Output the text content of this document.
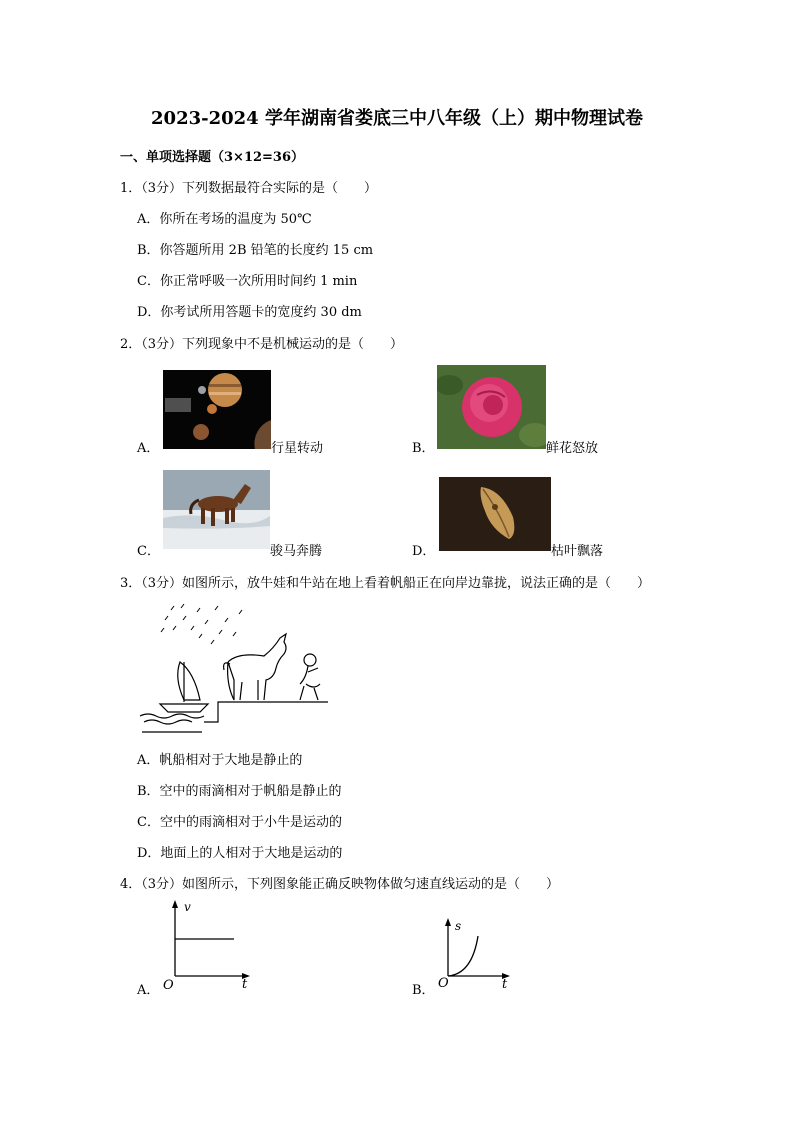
2023-2024 学年湖南省娄底三中八年级（上）期中物理试卷
一、单项选择题（3×12=36）
1．（3分）下列数据最符合实际的是（　　）
A．你所在考场的温度为 50℃
B．你答题所用 2B 铅笔的长度约 15 cm
C．你正常呼吸一次所用时间约 1 min
D．你考试所用答题卡的宽度约 30 dm
2．（3分）下列现象中不是机械运动的是（　　）
A．	行星转动	B．	鲜花怒放
C．	骏马奔腾	D．	枯叶飘落
3．（3分）如图所示，放牛娃和牛站在地上看着帆船正在向岸边靠拢，说法正确的是（　　）
A．帆船相对于大地是静止的
B．空中的雨滴相对于帆船是静止的
C．空中的雨滴相对于小牛是运动的
D．地面上的人相对于大地是运动的
4．（3分）如图所示，下列图象能正确反映物体做匀速直线运动的是（　　）
A．
v
O	t	B．
s
O	t
